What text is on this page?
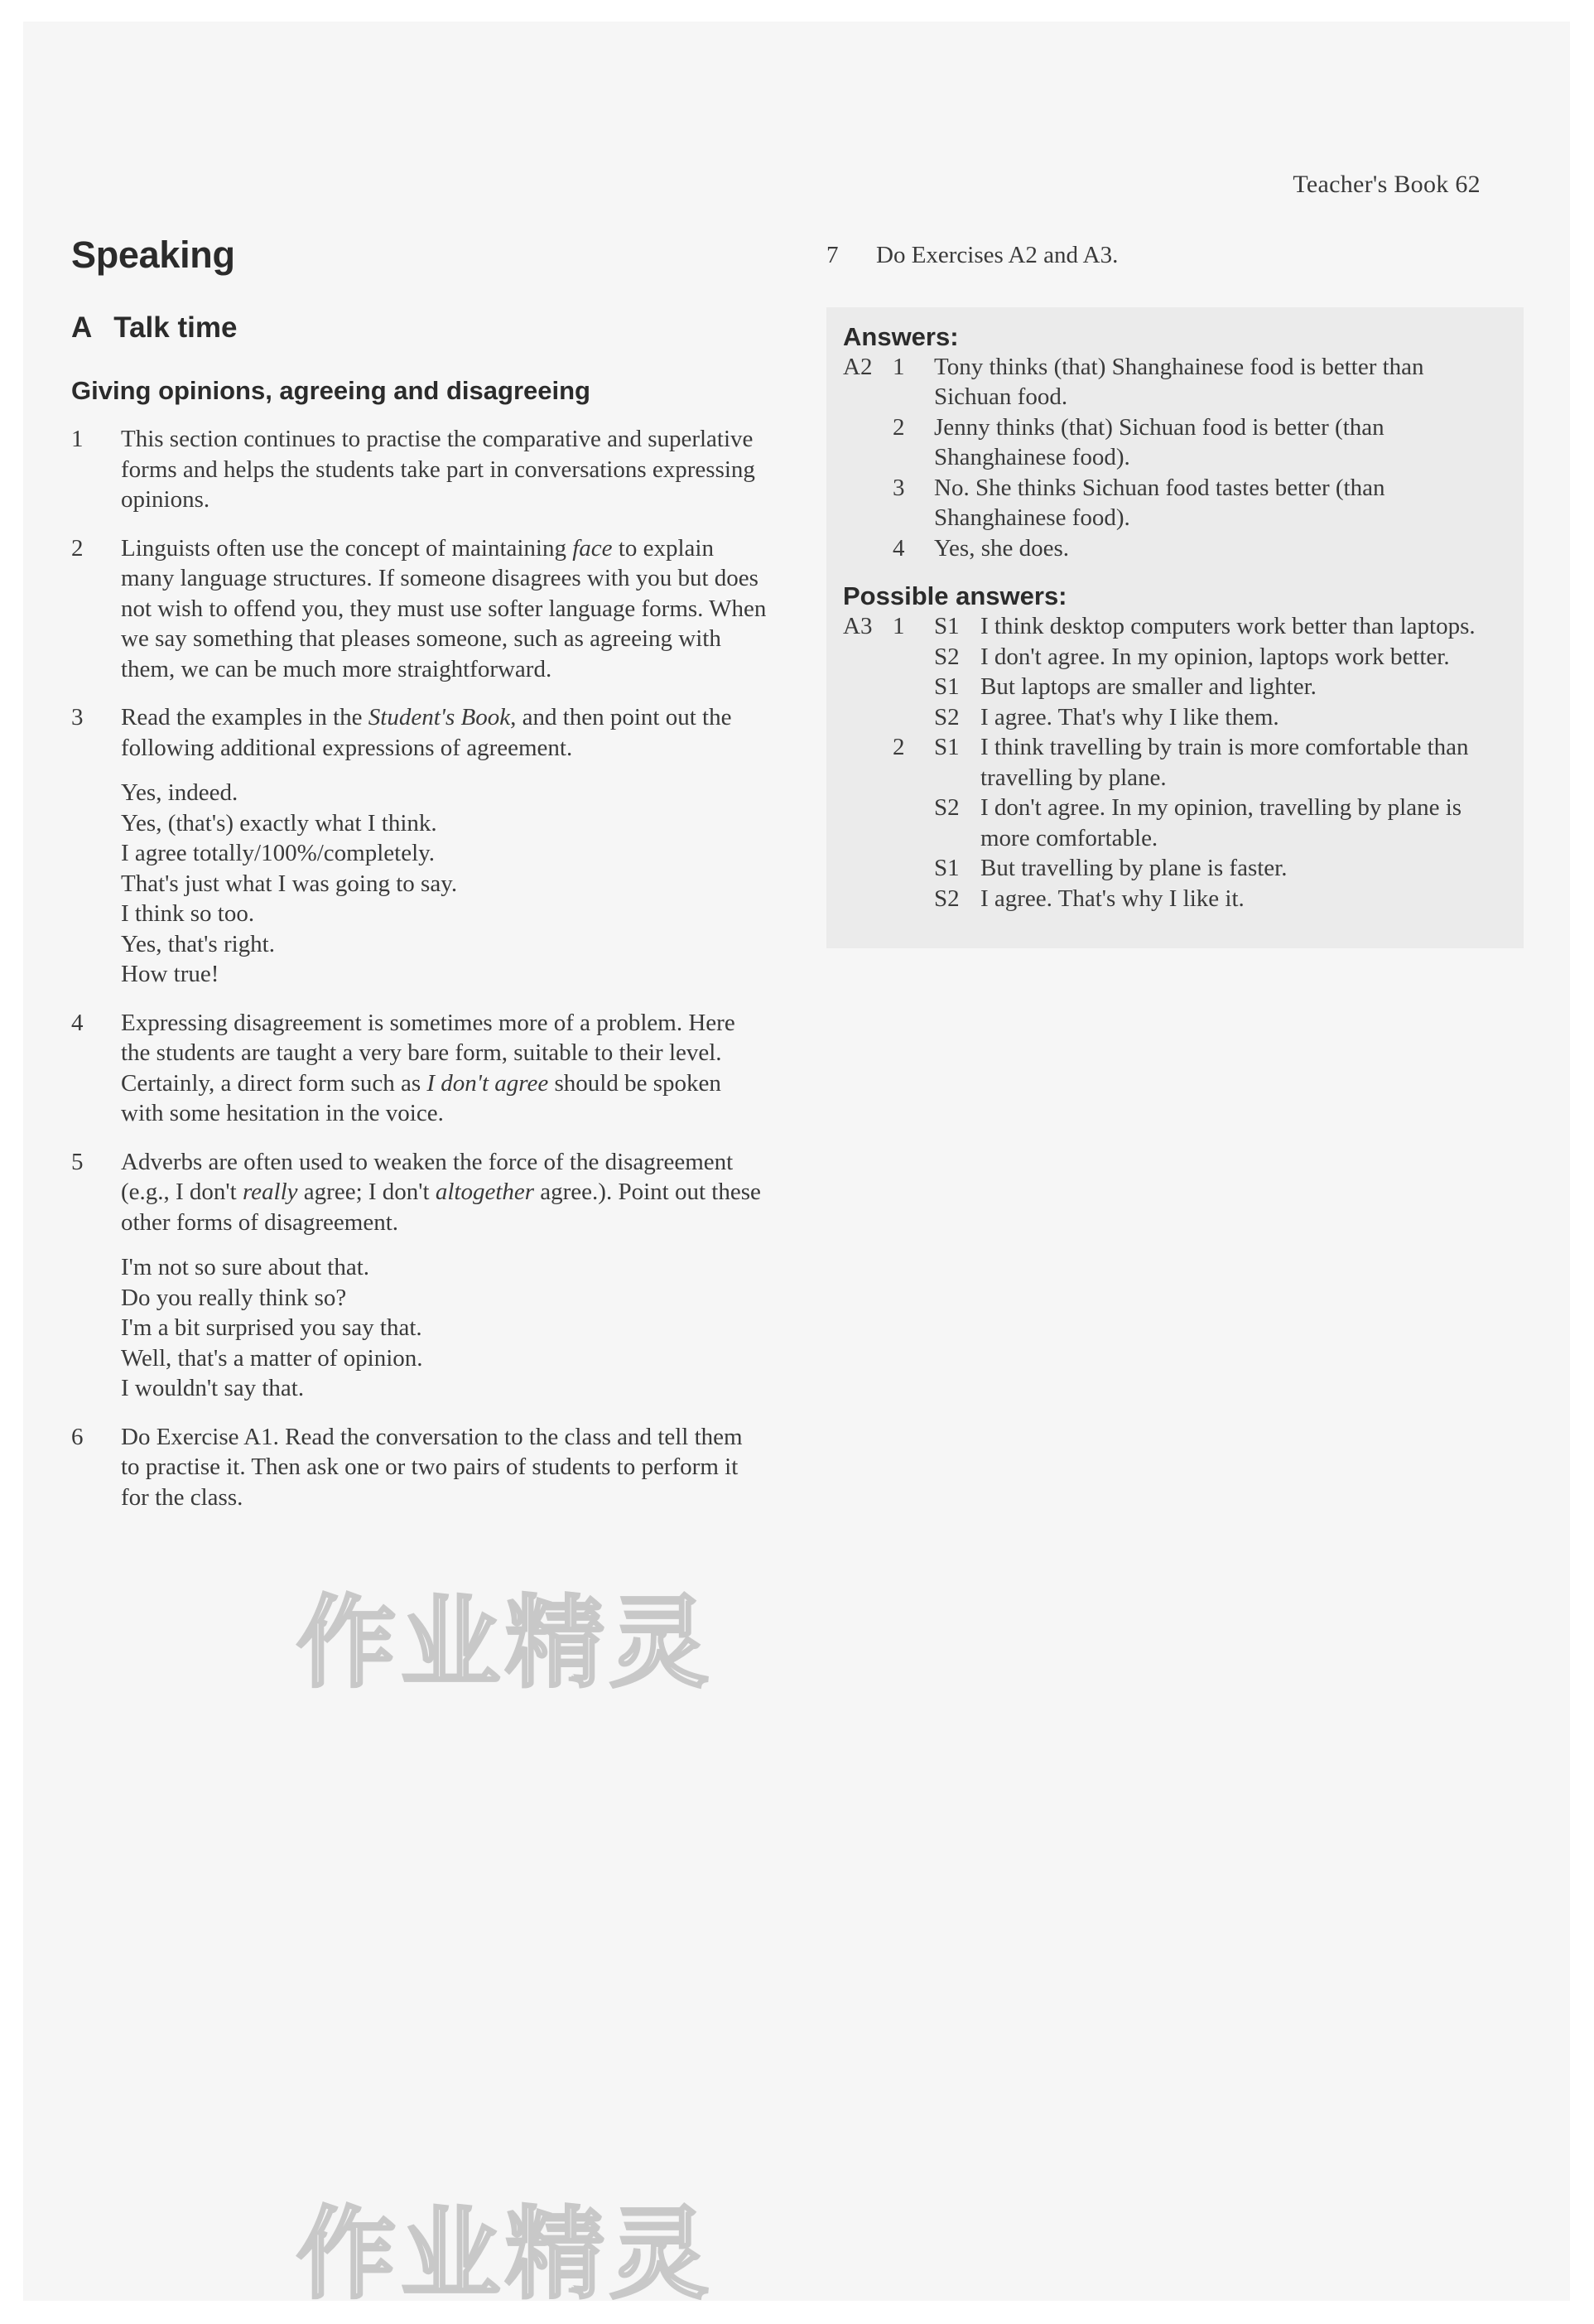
Teacher's Book 62
Speaking
A Talk time
Giving opinions, agreeing and disagreeing
1	This section continues to practise the comparative and superlative forms and helps the students take part in conversations expressing opinions.
2	Linguists often use the concept of maintaining face to explain many language structures. If someone disagrees with you but does not wish to offend you, they must use softer language forms. When we say something that pleases someone, such as agreeing with them, we can be much more straightforward.
3	Read the examples in the Student's Book, and then point out the following additional expressions of agreement.
Yes, indeed.
Yes, (that's) exactly what I think.
I agree totally/100%/completely.
That's just what I was going to say.
I think so too.
Yes, that's right.
How true!
4	Expressing disagreement is sometimes more of a problem. Here the students are taught a very bare form, suitable to their level. Certainly, a direct form such as I don't agree should be spoken with some hesitation in the voice.
5	Adverbs are often used to weaken the force of the disagreement (e.g., I don't really agree; I don't altogether agree.). Point out these other forms of disagreement.
I'm not so sure about that.
Do you really think so?
I'm a bit surprised you say that.
Well, that's a matter of opinion.
I wouldn't say that.
6	Do Exercise A1. Read the conversation to the class and tell them to practise it. Then ask one or two pairs of students to perform it for the class.
7	Do Exercises A2 and A3.
Answers:
A2 1	Tony thinks (that) Shanghainese food is better than Sichuan food.
2	Jenny thinks (that) Sichuan food is better (than Shanghainese food).
3	No. She thinks Sichuan food tastes better (than Shanghainese food).
4	Yes, she does.
Possible answers:
A3 1	S1 I think desktop computers work better than laptops.
S2 I don't agree. In my opinion, laptops work better.
S1 But laptops are smaller and lighter.
S2 I agree. That's why I like them.
2	S1 I think travelling by train is more comfortable than travelling by plane.
S2 I don't agree. In my opinion, travelling by plane is more comfortable.
S1 But travelling by plane is faster.
S2 I agree. That's why I like it.
作业精灵
作业精灵
